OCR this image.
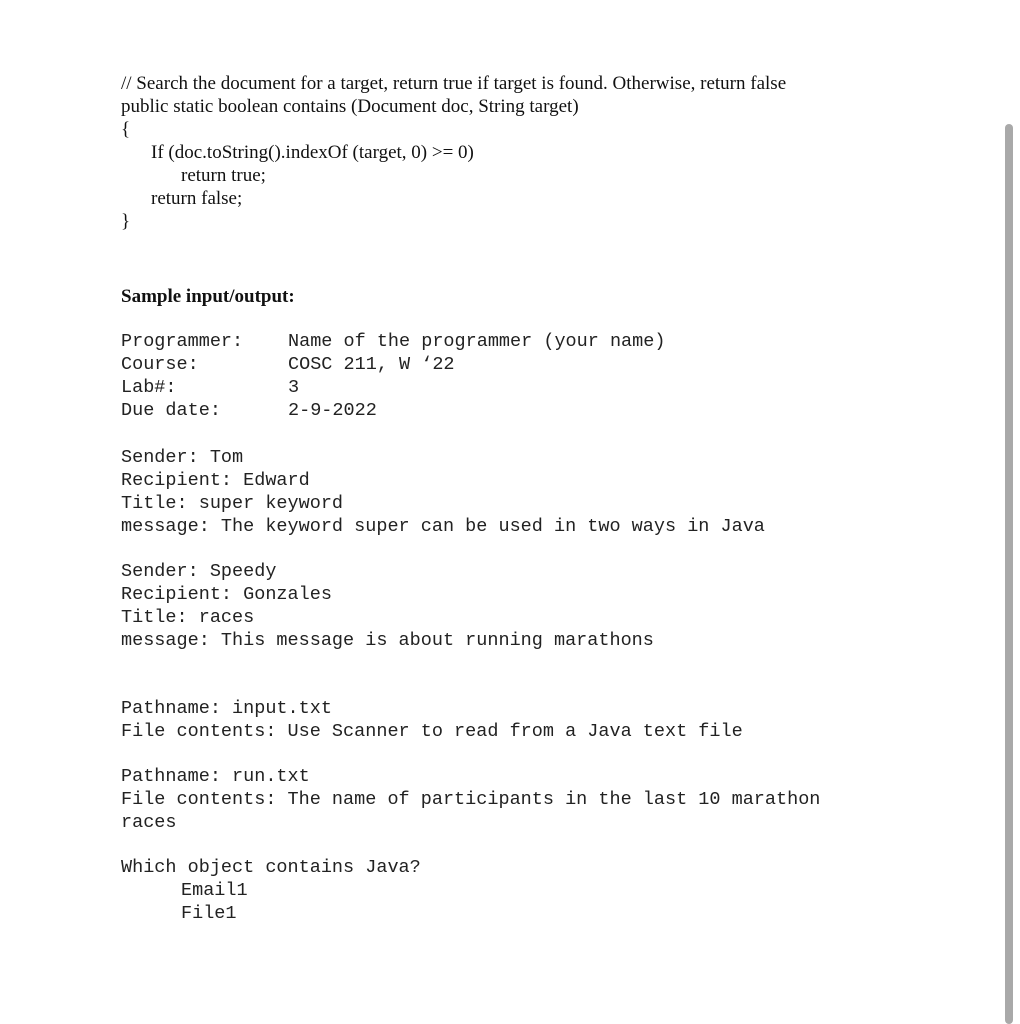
// Search the document for a target, return true if target is found. Otherwise, return false
public static boolean contains (Document doc, String target)
{
If (doc.toString().indexOf (target, 0) >= 0)
return true;
return false;
}
Sample input/output:
Programmer: Name of the programmer (your name)
Course:	COSC 211, W ‘22
Lab#:	3
Due date:	2-9-2022
Sender: Tom
Recipient: Edward
Title: super keyword
message: The keyword super can be used in two ways in Java
Sender: Speedy
Recipient: Gonzales
Title: races
message: This message is about running marathons
Pathname: input.txt
File contents: Use Scanner to read from a Java text file
Pathname: run.txt
File contents: The name of participants in the last 10 marathon
races
Which object contains Java?
Email1
File1
